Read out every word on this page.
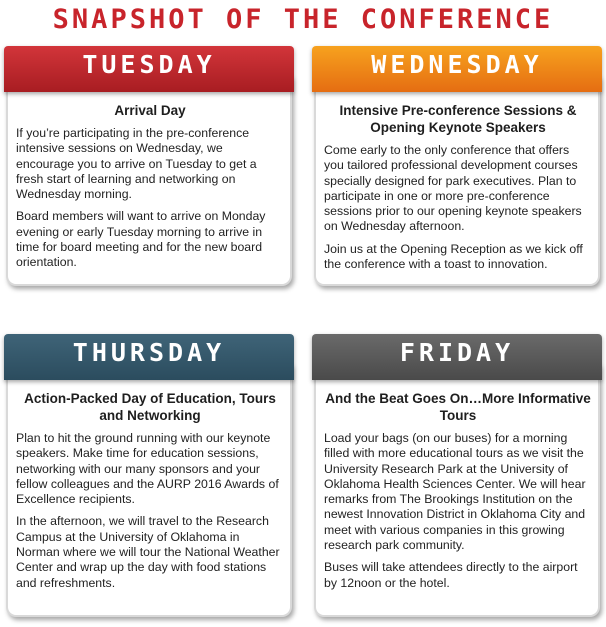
SNAPSHOT OF THE CONFERENCE
TUESDAY
Arrival Day

If you’re participating in the pre-conference intensive sessions on Wednesday, we encourage you to arrive on Tuesday to get a fresh start of learning and networking on Wednesday morning.

Board members will want to arrive on Monday evening or early Tuesday morning to arrive in time for board meeting and for the new board orientation.

WEDNESDAY
Intensive Pre-conference Sessions & Opening Keynote Speakers

Come early to the only conference that offers you tailored professional development courses specially designed for park executives. Plan to participate in one or more pre-conference sessions prior to our opening keynote speakers on Wednesday afternoon.

Join us at the Opening Reception as we kick off the conference with a toast to innovation.

THURSDAY
Action-Packed Day of Education, Tours and Networking

Plan to hit the ground running with our keynote speakers. Make time for education sessions, networking with our many sponsors and your fellow colleagues and the AURP 2016 Awards of Excellence recipients.

In the afternoon, we will travel to the Research Campus at the University of Oklahoma in Norman where we will tour the National Weather Center and wrap up the day with food stations and refreshments.

FRIDAY
And the Beat Goes On…More Informative Tours

Load your bags (on our buses) for a morning filled with more educational tours as we visit the University Research Park at the University of Oklahoma Health Sciences Center. We will hear remarks from The Brookings Institution on the newest Innovation District in Oklahoma City and meet with various companies in this growing research park community.

Buses will take attendees directly to the airport by 12noon or the hotel.
